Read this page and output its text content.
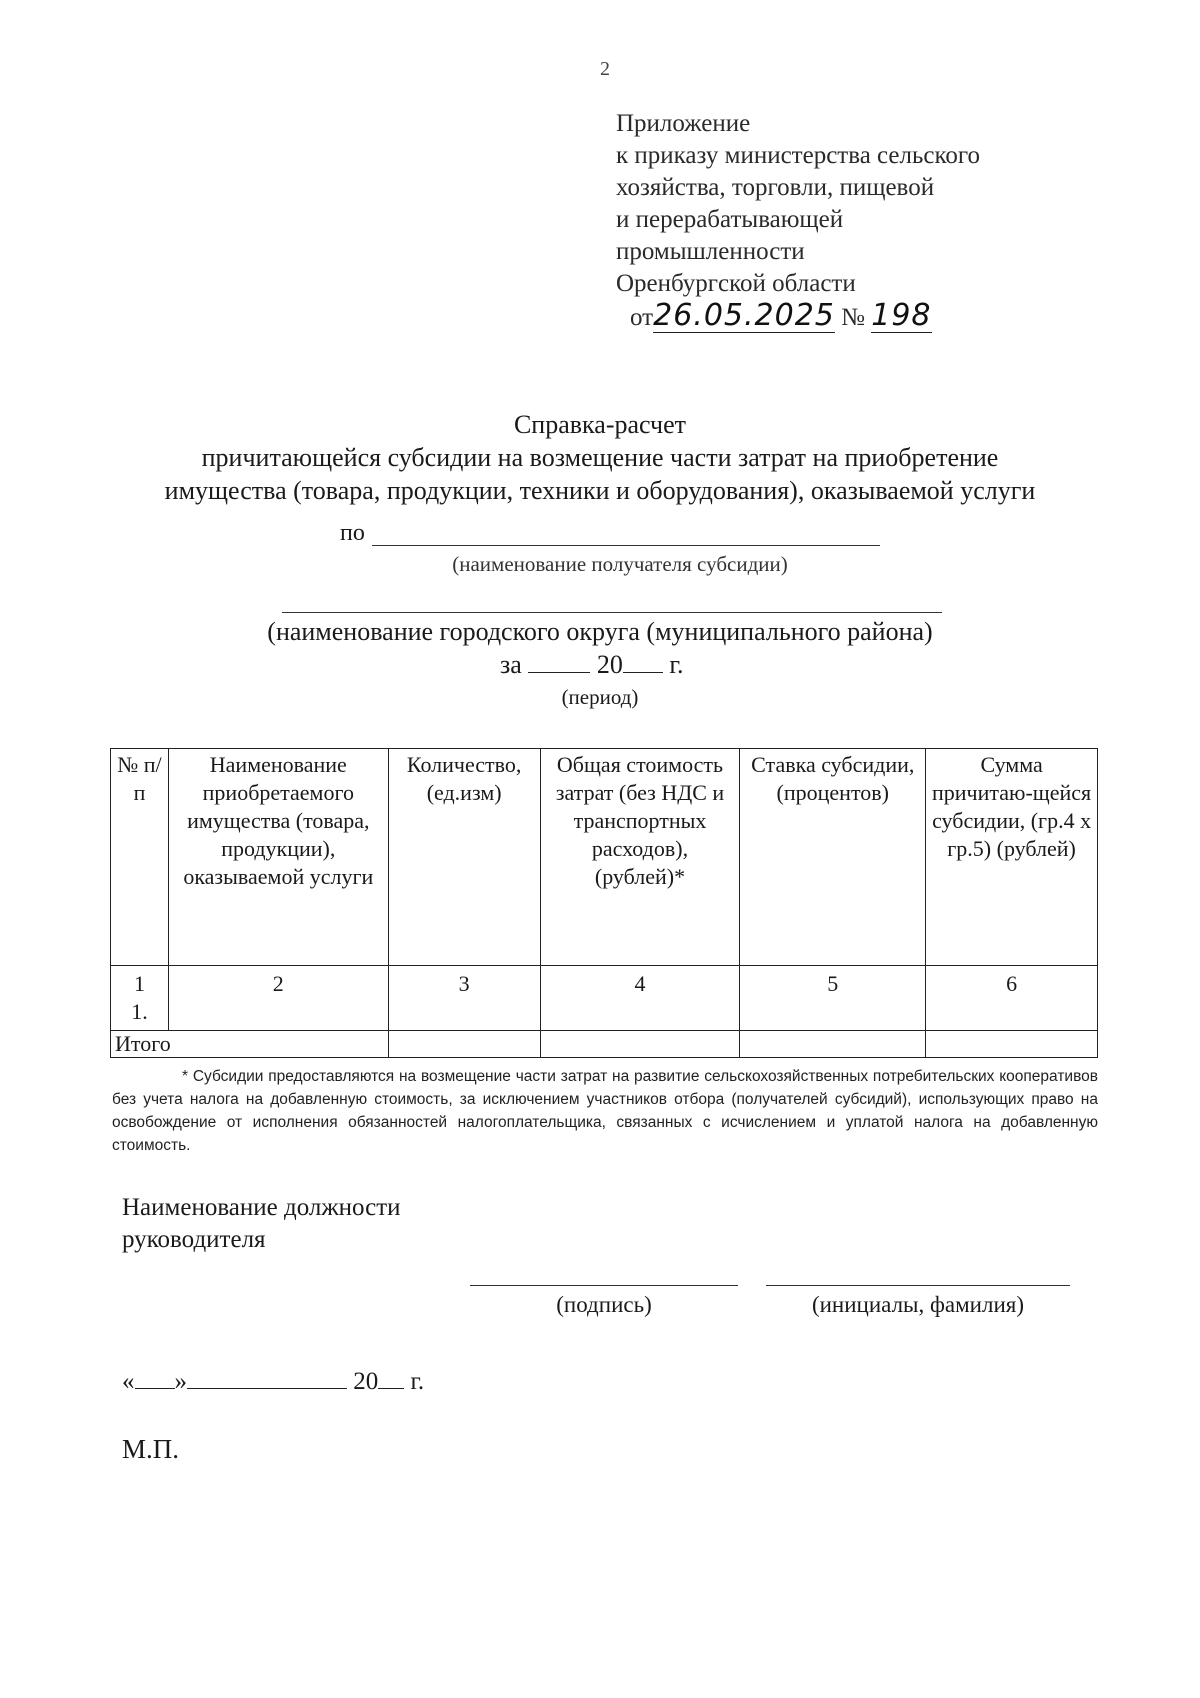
2
Приложение
к приказу министерства сельского
хозяйства, торговли, пищевой
и перерабатывающей
промышленности
Оренбургской области
от26.05.2025 № 198
Справка-расчет
причитающейся субсидии на возмещение части затрат на приобретение
имущества (товара, продукции, техники и оборудования), оказываемой услуги
по
(наименование получателя субсидии)
(наименование городского округа (муниципального района)
за	20 г.
(период)
№ п/п	Наименование приобретаемого имущества (товара, продукции), оказываемой услуги	Количество, (ед.изм)	Общая стоимость затрат (без НДС и транспортных расходов), (рублей)*	Ставка субсидии, (процентов)	Сумма причитаю-щейся субсидии, (гр.4 х гр.5) (рублей)

1
1.	2	3	4	5	6
Итого					
* Субсидии предоставляются на возмещение части затрат на развитие сельскохозяйственных потребительских кооперативов без учета налога на добавленную стоимость, за исключением участников отбора (получателей субсидий), использующих право на освобождение от исполнения обязанностей налогоплательщика, связанных с исчислением и уплатой налога на добавленную стоимость.
Наименование должности
руководителя
(подпись)	(инициалы, фамилия)
« »	20 г.
М.П.
